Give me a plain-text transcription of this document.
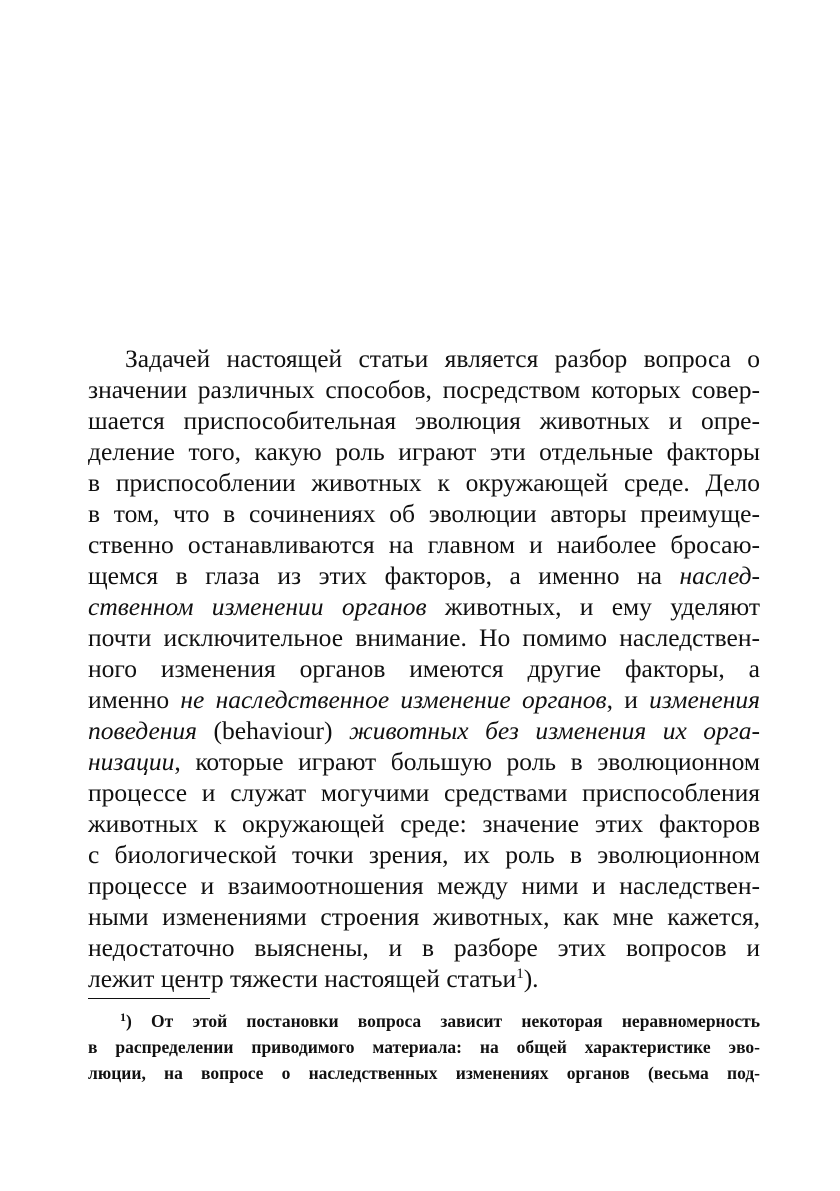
Задачей настоящей статьи является разбор вопроса о
значении различных способов, посредством которых совер-
шается приспособительная эволюция животных и опре-
деление того, какую роль играют эти отдельные факторы
в приспособлении животных к окружающей среде. Дело
в том, что в сочинениях об эволюции авторы преимуще-
ственно останавливаются на главном и наиболее бросаю-
щемся в глаза из этих факторов, а именно на наслед-
ственном изменении органов животных, и ему уделяют
почти исключительное внимание. Но помимо наследствен-
ного изменения органов имеются другие факторы, а
именно не наследственное изменение органов, и изменения
поведения (behaviour) животных без изменения их орга-
низации, которые играют большую роль в эволюционном
процессе и служат могучими средствами приспособления
животных к окружающей среде: значение этих факторов
с биологической точки зрения, их роль в эволюционном
процессе и взаимоотношения между ними и наследствен-
ными изменениями строения животных, как мне кажется,
недостаточно выяснены, и в разборе этих вопросов и
лежит центр тяжести настоящей статьи$^1$).
$^1$) От этой постановки вопроса зависит некоторая неравномерность
в распределении приводимого материала: на общей характеристике эво-
люции, на вопросе о наследственных изменениях органов (весьма под-
